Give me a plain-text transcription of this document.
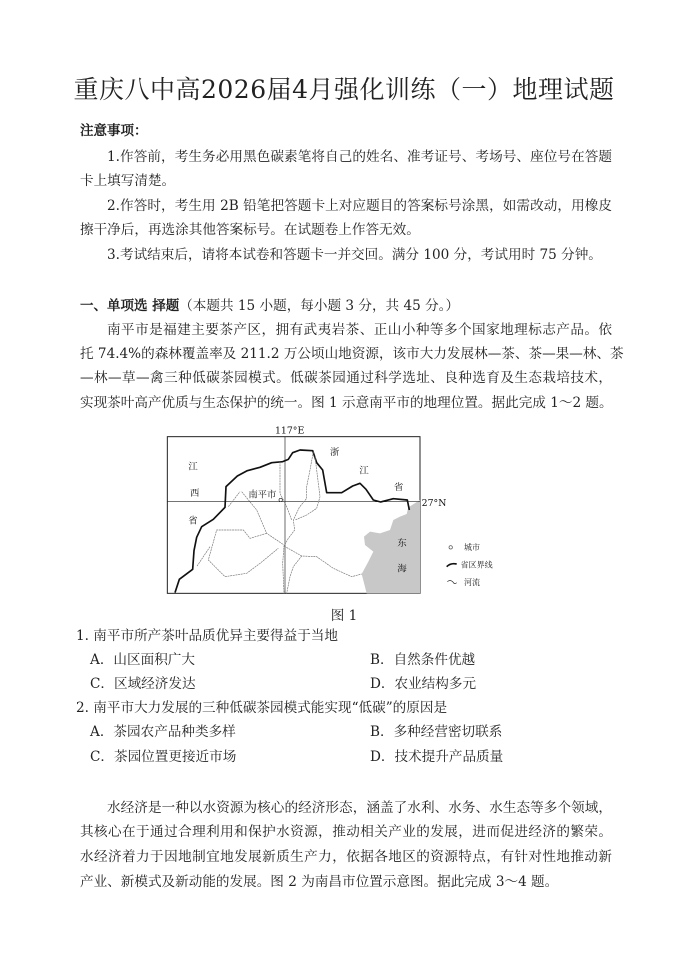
重庆八中高2026届4月强化训练（一）地理试题
注意事项：
1.作答前，考生务必用黑色碳素笔将自己的姓名、准考证号、考场号、座位号在答题
卡上填写清楚。
2.作答时，考生用 2B 铅笔把答题卡上对应题目的答案标号涂黑，如需改动，用橡皮
擦干净后，再选涂其他答案标号。在试题卷上作答无效。
3.考试结束后，请将本试卷和答题卡一并交回。满分 100 分，考试用时 75 分钟。
一、单项选 择题（本题共 15 小题，每小题 3 分，共 45 分。）
南平市是福建主要茶产区，拥有武夷岩茶、正山小种等多个国家地理标志产品。依
托 74.4%的森林覆盖率及 211.2 万公顷山地资源，该市大力发展林—茶、茶—果—林、茶
—林—草—禽三种低碳茶园模式。低碳茶园通过科学选址、良种选育及生态栽培技术，
实现茶叶高产优质与生态保护的统一。图 1 示意南平市的地理位置。据此完成 1～2 题。
117°E
27°N
江
西
省
浙
江
省
南平市
东
海
城市
省区界线
河流
图 1
1. 南平市所产茶叶品质优异主要得益于当地
A．山区面积广大	B．自然条件优越
C．区域经济发达	D．农业结构多元
2. 南平市大力发展的三种低碳茶园模式能实现“低碳”的原因是
A．茶园农产品种类多样	B．多种经营密切联系
C．茶园位置更接近市场	D．技术提升产品质量
水经济是一种以水资源为核心的经济形态，涵盖了水利、水务、水生态等多个领域，
其核心在于通过合理利用和保护水资源，推动相关产业的发展，进而促进经济的繁荣。
水经济着力于因地制宜地发展新质生产力，依据各地区的资源特点，有针对性地推动新
产业、新模式及新动能的发展。图 2 为南昌市位置示意图。据此完成 3～4 题。
